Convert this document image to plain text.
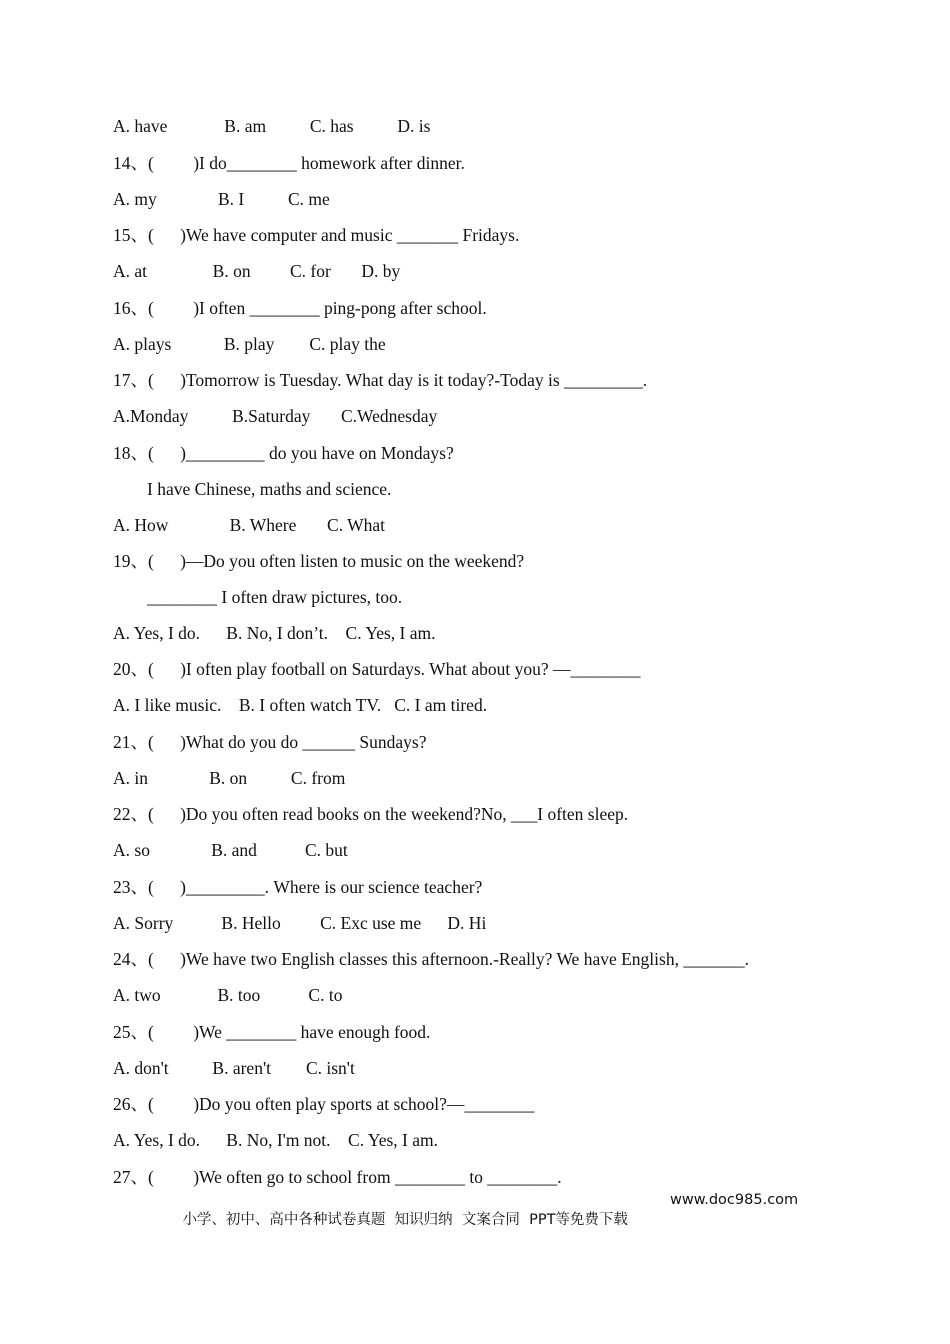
A. have             B. am          C. has          D. is
14、(         )I do________ homework after dinner.
A. my              B. I          C. me
15、(      )We have computer and music _______ Fridays.
A. at               B. on         C. for       D. by
16、(         )I often ________ ping-pong after school.
A. plays            B. play        C. play the
17、(      )Tomorrow is Tuesday. What day is it today?-Today is _________.
A.Monday          B.Saturday       C.Wednesday
18、(      )_________ do you have on Mondays?
I have Chinese, maths and science.
A. How              B. Where       C. What
19、(      )—Do you often listen to music on the weekend?
________ I often draw pictures, too.
A. Yes, I do.      B. No, I don’t.    C. Yes, I am.
20、(      )I often play football on Saturdays. What about you? —________
A. I like music.    B. I often watch TV.   C. I am tired.
21、(      )What do you do ______ Sundays?
A. in              B. on          C. from
22、(      )Do you often read books on the weekend?No, ___I often sleep.
A. so              B. and           C. but
23、(      )_________. Where is our science teacher?
A. Sorry           B. Hello         C. Exc use me      D. Hi
24、(      )We have two English classes this afternoon.-Really? We have English, _______.
A. two             B. too           C. to
25、(         )We ________ have enough food.
A. don't          B. aren't        C. isn't
26、(         )Do you often play sports at school?—________
A. Yes, I do.      B. No, I'm not.    C. Yes, I am.
27、(         )We often go to school from ________ to ________.

小学、初中、高中各种试卷真题  知识归纳  文案合同  PPT等免费下载

www.doc985.com
